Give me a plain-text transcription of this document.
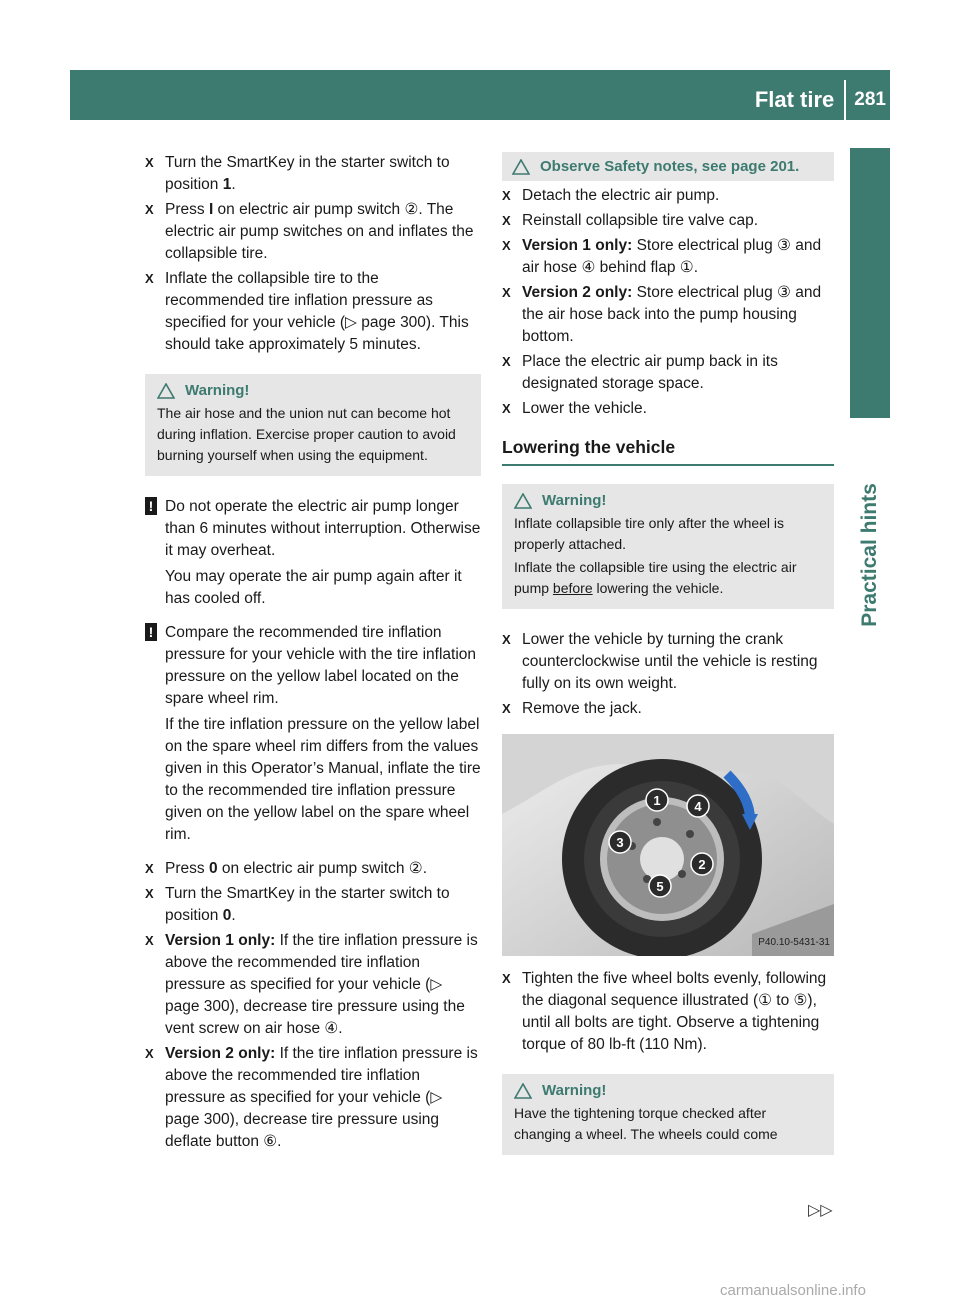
Flat tire	281
Practical hints
X Turn the SmartKey in the starter switch to position 1.
X Press I on electric air pump switch ②. The electric air pump switches on and inflates the collapsible tire.
X Inflate the collapsible tire to the recommended tire inflation pressure as specified for your vehicle (▷ page 300). This should take approximately 5 minutes.
Warning!

The air hose and the union nut can become hot during inflation. Exercise proper caution to avoid burning yourself when using the equipment.

! Do not operate the electric air pump longer than 6 minutes without interruption. Otherwise it may overheat.

You may operate the air pump again after it has cooled off.

! Compare the recommended tire inflation pressure for your vehicle with the tire inflation pressure on the yellow label located on the spare wheel rim.

If the tire inflation pressure on the yellow label on the spare wheel rim differs from the values given in this Operator’s Manual, inflate the tire to the recommended tire inflation pressure given on the yellow label on the spare wheel rim.

X Press 0 on electric air pump switch ②.
X Turn the SmartKey in the starter switch to position 0.
X Version 1 only: If the tire inflation pressure is above the recommended tire inflation pressure as specified for your vehicle (▷ page 300), decrease tire pressure using the vent screw on air hose ④.
X Version 2 only: If the tire inflation pressure is above the recommended tire inflation pressure as specified for your vehicle (▷ page 300), decrease tire pressure using deflate button ⑥.
Observe Safety notes, see page 201.
X Detach the electric air pump.
X Reinstall collapsible tire valve cap.
X Version 1 only: Store electrical plug ③ and air hose ④ behind flap ①.
X Version 2 only: Store electrical plug ③ and the air hose back into the pump housing bottom.
X Place the electric air pump back in its designated storage space.
X Lower the vehicle.
Lowering the vehicle
Warning!

Inflate collapsible tire only after the wheel is properly attached.

Inflate the collapsible tire using the electric air pump before lowering the vehicle.

X Lower the vehicle by turning the crank counterclockwise until the vehicle is resting fully on its own weight.
X Remove the jack.
1
2
3
4
5
P40.10-5431-31
X Tighten the five wheel bolts evenly, following the diagonal sequence illustrated (① to ⑤), until all bolts are tight. Observe a tightening torque of 80 lb-ft (110 Nm).
Warning!

Have the tightening torque checked after changing a wheel. The wheels could come

▷▷
carmanualsonline.info
